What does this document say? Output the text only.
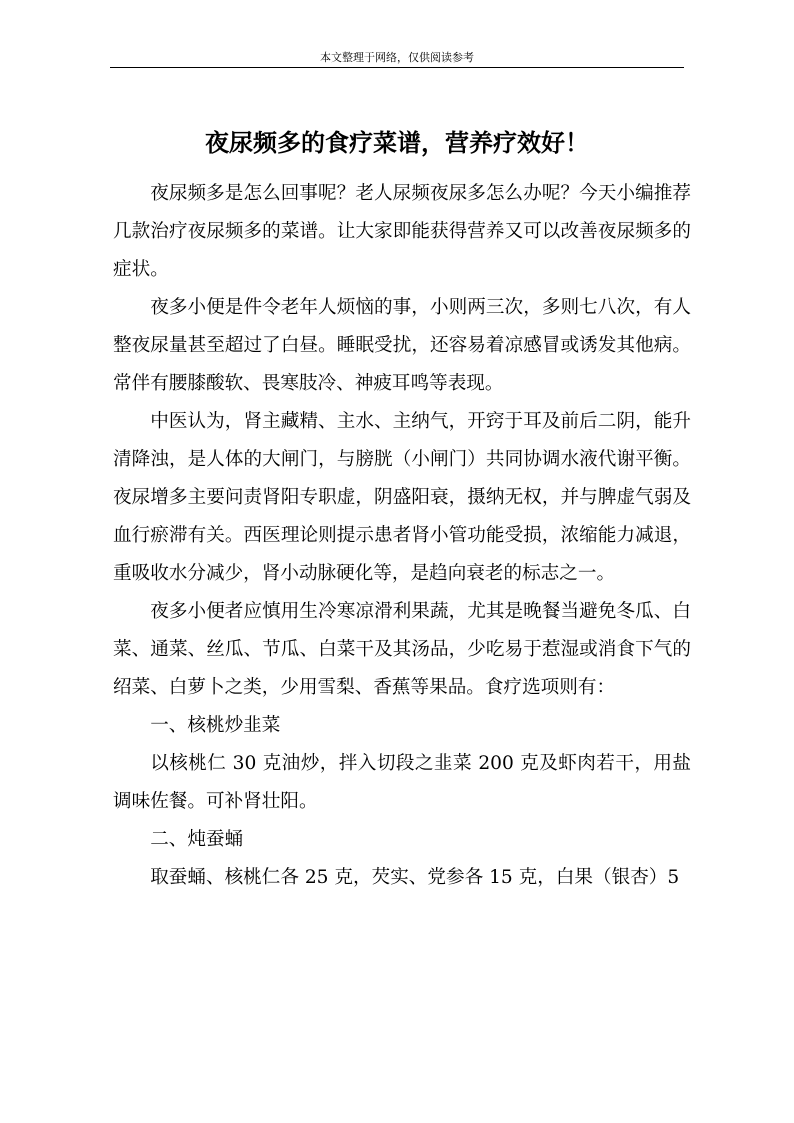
本文整理于网络，仅供阅读参考
夜尿频多的食疗菜谱，营养疗效好！

夜尿频多是怎么回事呢？老人尿频夜尿多怎么办呢？今天小编推荐几款治疗夜尿频多的菜谱。让大家即能获得营养又可以改善夜尿频多的症状。

夜多小便是件令老年人烦恼的事，小则两三次，多则七八次，有人整夜尿量甚至超过了白昼。睡眠受扰，还容易着凉感冒或诱发其他病。常伴有腰膝酸软、畏寒肢冷、神疲耳鸣等表现。

中医认为，肾主藏精、主水、主纳气，开窍于耳及前后二阴，能升清降浊，是人体的大闸门，与膀胱（小闸门）共同协调水液代谢平衡。夜尿增多主要问责肾阳专职虚，阴盛阳衰，摄纳无权，并与脾虚气弱及血行瘀滞有关。西医理论则提示患者肾小管功能受损，浓缩能力减退，重吸收水分减少，肾小动脉硬化等，是趋向衰老的标志之一。

夜多小便者应慎用生冷寒凉滑利果蔬，尤其是晚餐当避免冬瓜、白菜、通菜、丝瓜、节瓜、白菜干及其汤品，少吃易于惹湿或消食下气的绍菜、白萝卜之类，少用雪梨、香蕉等果品。食疗选项则有：

一、核桃炒韭菜

以核桃仁 30 克油炒，拌入切段之韭菜 200 克及虾肉若干，用盐调味佐餐。可补肾壮阳。

二、炖蚕蛹

取蚕蛹、核桃仁各 25 克，芡实、党参各 15 克，白果（银杏）5
